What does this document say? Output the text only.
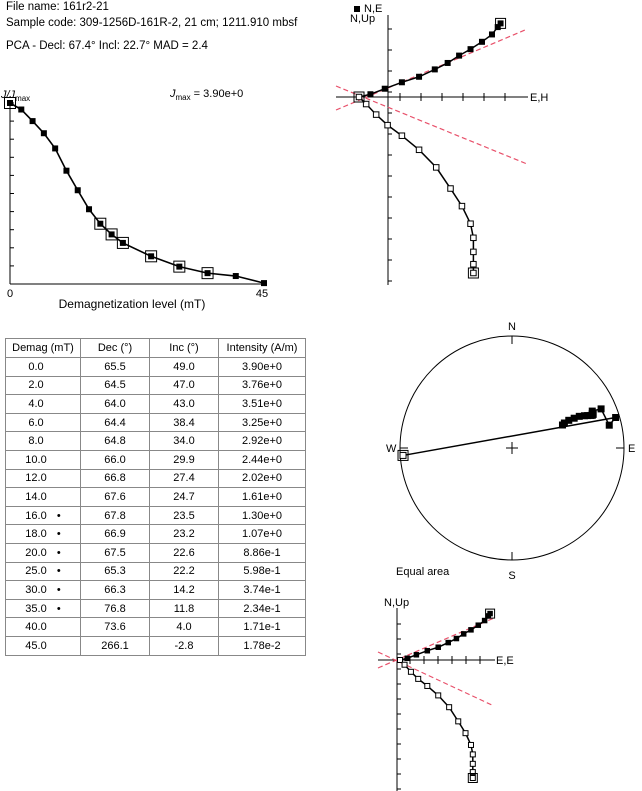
File name: 161r2-21
Sample code: 309-1256D-161R-2, 21 cm; 1211.910 mbsf
PCA - Decl: 67.4° Incl: 22.7° MAD = 2.4
$J/J_{max}$	$J_{max} = 3.90e+0$
0	45
Demagnetization level (mT)
N,E
N,Up
E,H
N
S
E
W
Equal area
N,Up
E,E
Demag (mT)	Dec (°)	Inc (°)	Intensity (A/m)
0.0	65.5	49.0	3.90e+0
2.0	64.5	47.0	3.76e+0
4.0	64.0	43.0	3.51e+0
6.0	64.4	38.4	3.25e+0
8.0	64.8	34.0	2.92e+0
10.0	66.0	29.9	2.44e+0
12.0	66.8	27.4	2.02e+0
14.0	67.6	24.7	1.61e+0
16.0 •	67.8	23.5	1.30e+0
18.0 •	66.9	23.2	1.07e+0
20.0 •	67.5	22.6	8.86e-1
25.0 •	65.3	22.2	5.98e-1
30.0 •	66.3	14.2	3.74e-1
35.0 •	76.8	11.8	2.34e-1
40.0	73.6	4.0	1.71e-1
45.0	266.1	-2.8	1.78e-2
